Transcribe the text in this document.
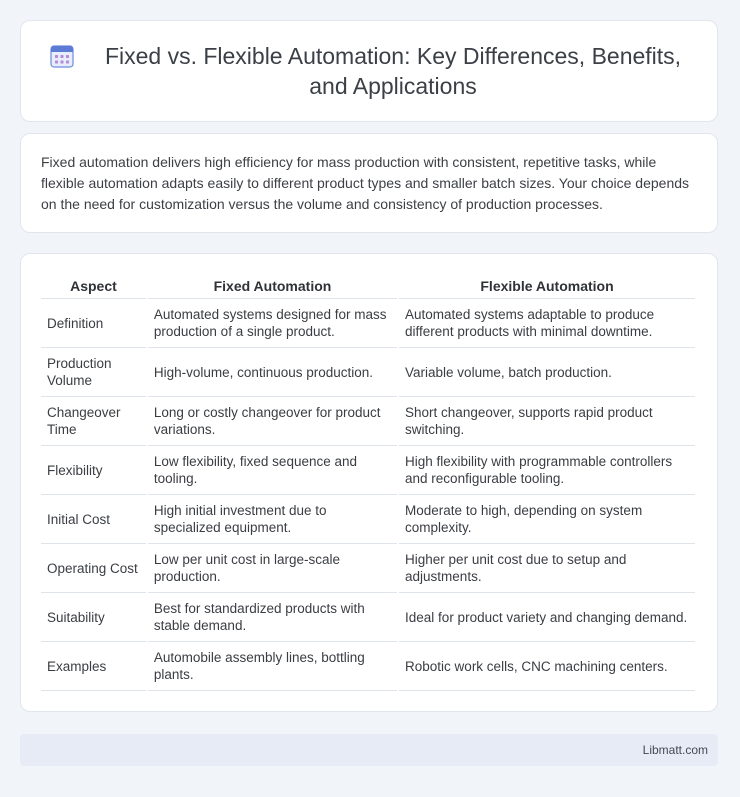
Fixed vs. Flexible Automation: Key Differences, Benefits, and Applications

Fixed automation delivers high efficiency for mass production with consistent, repetitive tasks, while flexible automation adapts easily to different product types and smaller batch sizes. Your choice depends on the need for customization versus the volume and consistency of production processes.

Aspect	Fixed Automation	Flexible Automation
Definition	Automated systems designed for mass production of a single product.	Automated systems adaptable to produce different products with minimal downtime.
Production Volume	High-volume, continuous production.	Variable volume, batch production.
Changeover Time	Long or costly changeover for product variations.	Short changeover, supports rapid product switching.
Flexibility	Low flexibility, fixed sequence and tooling.	High flexibility with programmable controllers and reconfigurable tooling.
Initial Cost	High initial investment due to specialized equipment.	Moderate to high, depending on system complexity.
Operating Cost	Low per unit cost in large-scale production.	Higher per unit cost due to setup and adjustments.
Suitability	Best for standardized products with stable demand.	Ideal for product variety and changing demand.
Examples	Automobile assembly lines, bottling plants.	Robotic work cells, CNC machining centers.
Libmatt.com
